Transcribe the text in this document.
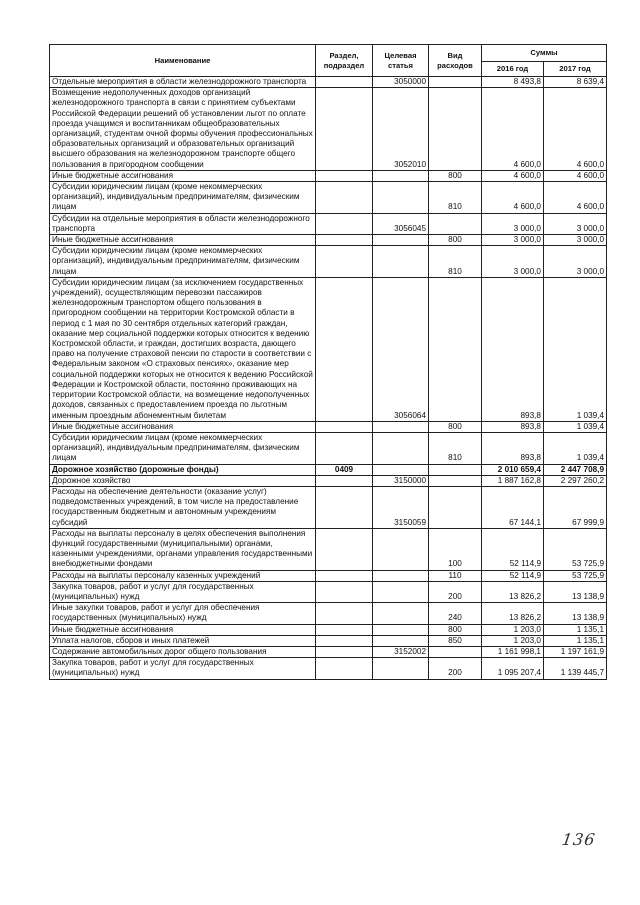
Наименование	Раздел, подраздел	Целевая статья	Вид расходов	Суммы	
				2016 год	2017 год
Отдельные мероприятия в области железнодорожного транспорта		3050000		8 493,8	8 639,4
Возмещение недополученных доходов организаций железнодорожного транспорта в связи с принятием субъектами Российской Федерации решений об установлении льгот по оплате проезда учащимся и воспитанникам общеобразовательных организаций, студентам очной формы обучения профессиональных образовательных организаций и образовательных организаций высшего образования на железнодорожном транспорте общего пользования в пригородном сообщении		3052010		4 600,0	4 600,0
Иные бюджетные ассигнования			800	4 600,0	4 600,0
Субсидии юридическим лицам (кроме некоммерческих организаций), индивидуальным предпринимателям, физическим лицам			810	4 600,0	4 600,0
Субсидии на отдельные мероприятия в области железнодорожного транспорта		3056045		3 000,0	3 000,0
Иные бюджетные ассигнования			800	3 000,0	3 000,0
Субсидии юридическим лицам (кроме некоммерческих организаций), индивидуальным предпринимателям, физическим лицам			810	3 000,0	3 000,0
Субсидии юридическим лицам (за исключением государственных учреждений), осуществляющим перевозки пассажиров железнодорожным транспортом общего пользования в пригородном сообщении на территории Костромской области в период с 1 мая по 30 сентября отдельных категорий граждан, оказание мер социальной поддержки которых относится к ведению Костромской области, и граждан, достигших возраста, дающего право на получение страховой пенсии по старости в соответствии с Федеральным законом «О страховых пенсиях», оказание мер социальной поддержки которых не относится к ведению Российской Федерации и Костромской области, постоянно проживающих на территории Костромской области, на возмещение недополученных доходов, связанных с предоставлением проезда по льготным именным проездным абонементным билетам		3056064		893,8	1 039,4
Иные бюджетные ассигнования			800	893,8	1 039,4
Субсидии юридическим лицам (кроме некоммерческих организаций), индивидуальным предпринимателям, физическим лицам			810	893,8	1 039,4
Дорожное хозяйство (дорожные фонды)	0409			2 010 659,4	2 447 708,9
Дорожное хозяйство		3150000		1 887 162,8	2 297 260,2
Расходы на обеспечение деятельности (оказание услуг) подведомственных учреждений, в том числе на предоставление государственным бюджетным и автономным учреждениям субсидий		3150059		67 144,1	67 999,9
Расходы на выплаты персоналу в целях обеспечения выполнения функций государственными (муниципальными) органами, казенными учреждениями, органами управления государственными внебюджетными фондами			100	52 114,9	53 725,9
Расходы на выплаты персоналу казенных учреждений			110	52 114,9	53 725,9
Закупка товаров, работ и услуг для государственных (муниципальных) нужд			200	13 826,2	13 138,9
Иные закупки товаров, работ и услуг для обеспечения государственных (муниципальных) нужд			240	13 826,2	13 138,9
Иные бюджетные ассигнования			800	1 203,0	1 135,1
Уплата налогов, сборов и иных платежей			850	1 203,0	1 135,1
Содержание автомобильных дорог общего пользования		3152002		1 161 998,1	1 197 161,9
Закупка товаров, работ и услуг для государственных (муниципальных) нужд			200	1 095 207,4	1 139 445,7
136
